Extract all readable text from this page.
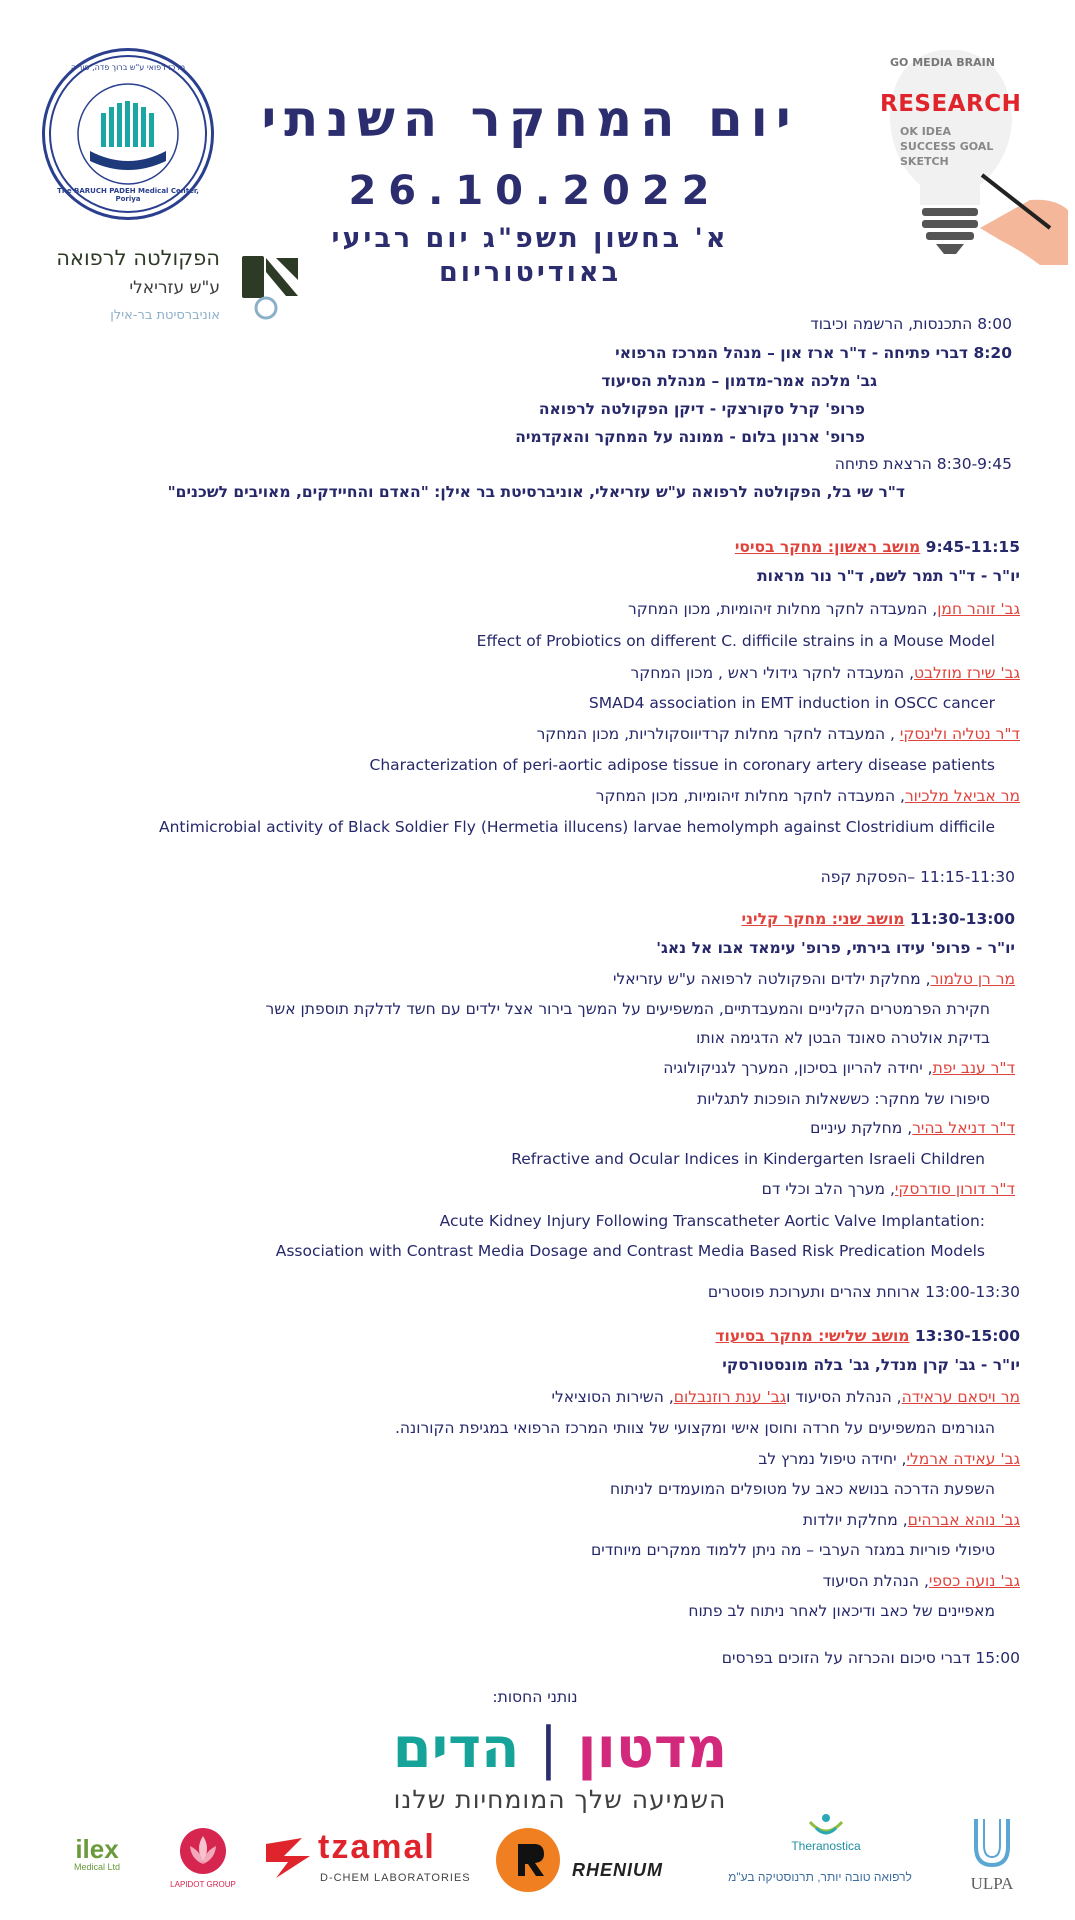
יום המחקר השנתי
26.10.2022
א' בחשון תשפ"ג יום רביעי
באודיטוריום
מרכז רפואי ע"ש ברוך פדה, פוריה
The BARUCH PADEH Medical Center, Poriya
הפקולטה לרפואה
ע"ש עזריאלי
אוניברסיטת בר-אילן
GO MEDIA BRAIN
RESEARCH
OK IDEA
SUCCESS GOAL
SKETCH
8:00 התכנסות, הרשמה וכיבוד
8:20 דברי פתיחה - ד"ר ארז און – מנהל המרכז הרפואי
גב' מלכה אמר-מדמון – מנהלת הסיעוד
פרופ' קרל סקורצקי - דיקן הפקולטה לרפואה
פרופ' ארנון בלום - ממונה על המחקר והאקדמיה
8:30-9:45 הרצאת פתיחה
ד"ר שי בל, הפקולטה לרפואה ע"ש עזריאלי, אוניברסיטת בר אילן: "האדם והחיידקים, מאויבים לשכנים"
9:45-11:15 מושב ראשון: מחקר בסיסי
יו"ר - ד"ר תמר לשם, ד"ר נור מראות
גב' זוהר חמן, המעבדה לחקר מחלות זיהומיות, מכון המחקר
Effect of Probiotics on different C. difficile strains in a Mouse Model
גב' שירז מוזלבט, המעבדה לחקר גידולי ראש , מכון המחקר
SMAD4 association in EMT induction in OSCC cancer
ד"ר נטליה ולינסקי , המעבדה לחקר מחלות קרדיווסקולריות, מכון המחקר
Characterization of peri-aortic adipose tissue in coronary artery disease patients
מר אביאל מלכיור, המעבדה לחקר מחלות זיהומיות, מכון המחקר
Antimicrobial activity of Black Soldier Fly (Hermetia illucens) larvae hemolymph against Clostridium difficile
11:15-11:30 –הפסקת קפה
11:30-13:00 מושב שני: מחקר קליני
יו"ר - פרופ' עידו בירתי, פרופ' עימאד אבו אל נאג'
מר רן טלמור, מחלקת ילדים והפקולטה לרפואה ע"ש עזריאלי
חקירת הפרמטרים הקליניים והמעבדתיים, המשפיעים על המשך בירור אצל ילדים עם חשד לדלקת תוספתן אשר
בדיקת אולטרה סאונד הבטן לא הדגימה אותו
ד"ר ענב יפת, יחידה להריון בסיכון, המערך לגניקולוגיה
סיפורו של מחקר: כששאלות הופכות לתגליות
ד"ר דניאל בהיר, מחלקת עיניים
Refractive and Ocular Indices in Kindergarten Israeli Children
ד"ר דורון סודרסקי, מערך הלב וכלי דם
Acute Kidney Injury Following Transcatheter Aortic Valve Implantation:
Association with Contrast Media Dosage and Contrast Media Based Risk Predication Models
13:00-13:30 ארוחת צהרים ותערוכת פוסטרים
13:30-15:00 מושב שלישי: מחקר בסיעוד
יו"ר - גב' קרן מנדל, גב' בלה מונסטורסקי
מר ויסאם עראידה, הנהלת הסיעוד וגב' ענת רוזנבלום, השירות הסוציאלי
הגורמים המשפיעים על חרדה וחוסן אישי ומקצועי של צוותי המרכז הרפואי במגיפת הקורונה.
גב' עאידה ארמלי, יחידה טיפול נמרץ לב
השפעת הדרכה בנושא כאב על מטופלים המועמדים לניתוח
גב' נוהא אברהים, מחלקת יולדות
טיפולי פוריות במגזר הערבי – מה ניתן ללמוד ממקרים מיוחדים
גב' נועה כספי, הנהלת הסיעוד
מאפיינים של כאב ודיכאון לאחר ניתוח לב פתוח
15:00 דברי סיכום והכרזה על הזוכים בפרסים
נותני החסות:
מדטון | הדים
השמיעה שלך המומחיות שלנו
ilex
Medical Ltd
LAPIDOT GROUP
tzamal
D-CHEM LABORATORIES	RHENIUM
Theranostica
לרפואה טובה יותר, תרנוסטיקה בע"מ	ULPA
